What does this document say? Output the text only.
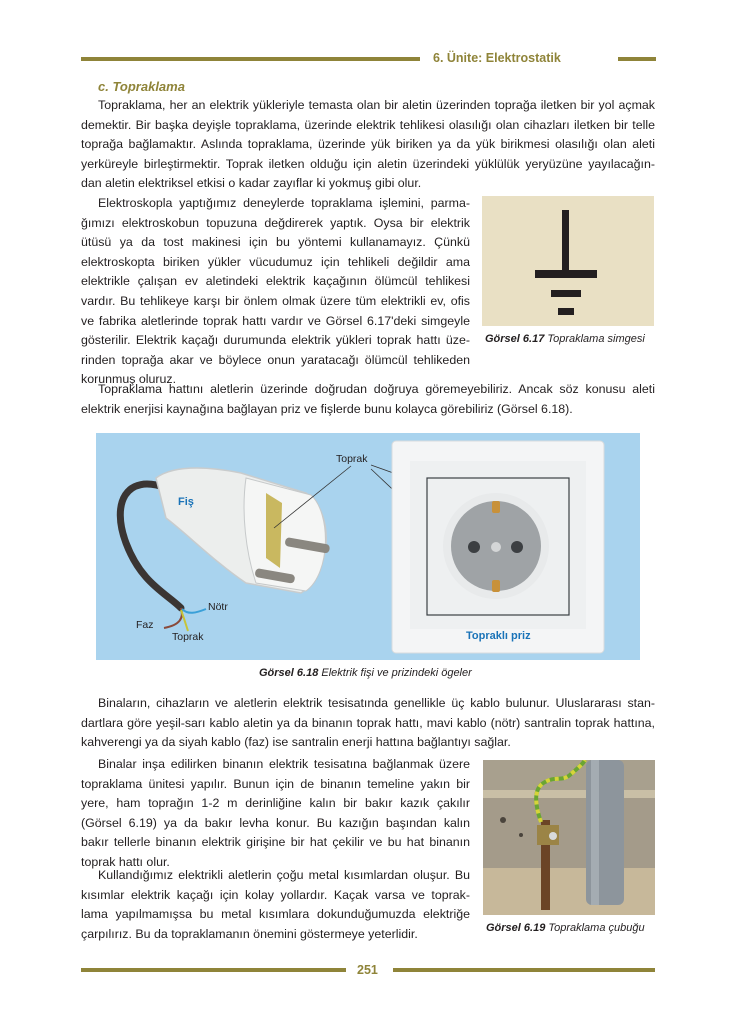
6. Ünite: Elektrostatik
c. Topraklama
Topraklama, her an elektrik yükleriyle temasta olan bir aletin üzerinden toprağa iletken bir yol açmak
demektir. Bir başka deyişle topraklama, üzerinde elektrik tehlikesi olasılığı olan cihazları iletken bir telle
toprağa bağlamaktır. Aslında topraklama, üzerinde yük biriken ya da yük birikmesi olasılığı olan aleti
yerküreyle birleştirmektir. Toprak iletken olduğu için aletin üzerindeki yüklülük yeryüzüne yayılacağın-
dan aletin elektriksel etkisi o kadar zayıflar ki yokmuş gibi olur.
Elektroskopla yaptığımız deneylerde topraklama işlemini, parma-
ğımızı elektroskobun topuzuna değdirerek yaptık. Oysa bir elektrik
ütüsü ya da tost makinesi için bu yöntemi kullanamayız. Çünkü
elektroskopta biriken yükler vücudumuz için tehlikeli değildir ama
elektrikle çalışan ev aletindeki elektrik kaçağının ölümcül tehlikesi
vardır. Bu tehlikeye karşı bir önlem olmak üzere tüm elektrikli ev, ofis
ve fabrika aletlerinde toprak hattı vardır ve Görsel 6.17'deki simgeyle
gösterilir. Elektrik kaçağı durumunda elektrik yükleri toprak hattı üze-
rinden toprağa akar ve böylece onun yaratacağı ölümcül tehlikeden
korunmuş oluruz.
Görsel 6.17 Topraklama simgesi
Topraklama hattını aletlerin üzerinde doğrudan doğruya göremeyebiliriz. Ancak söz konusu aleti
elektrik enerjisi kaynağına bağlayan priz ve fişlerde bunu kolayca görebiliriz (Görsel 6.18).
Fiş
Toprak
Nötr
Faz
Toprak	Topraklı priz
Görsel 6.18 Elektrik fişi ve prizindeki ögeler
Binaların, cihazların ve aletlerin elektrik tesisatında genellikle üç kablo bulunur. Uluslararası stan-
dartlara göre yeşil-sarı kablo aletin ya da binanın toprak hattı, mavi kablo (nötr) santralin toprak hattına,
kahverengi ya da siyah kablo (faz) ise santralin enerji hattına bağlantıyı sağlar.
Binalar inşa edilirken binanın elektrik tesisatına bağlanmak üzere
topraklama ünitesi yapılır. Bunun için de binanın temeline yakın bir
yere, ham toprağın 1-2 m derinliğine kalın bir bakır kazık çakılır
(Görsel 6.19) ya da bakır levha konur. Bu kazığın başından kalın
bakır tellerle binanın elektrik girişine bir hat çekilir ve bu hat binanın
toprak hattı olur.
Kullandığımız elektrikli aletlerin çoğu metal kısımlardan oluşur. Bu
kısımlar elektrik kaçağı için kolay yollardır. Kaçak varsa ve toprak-
lama yapılmamışsa bu metal kısımlara dokunduğumuzda elektriğe
çarpılırız. Bu da topraklamanın önemini göstermeye yeterlidir.	Görsel 6.19 Topraklama çubuğu
251
